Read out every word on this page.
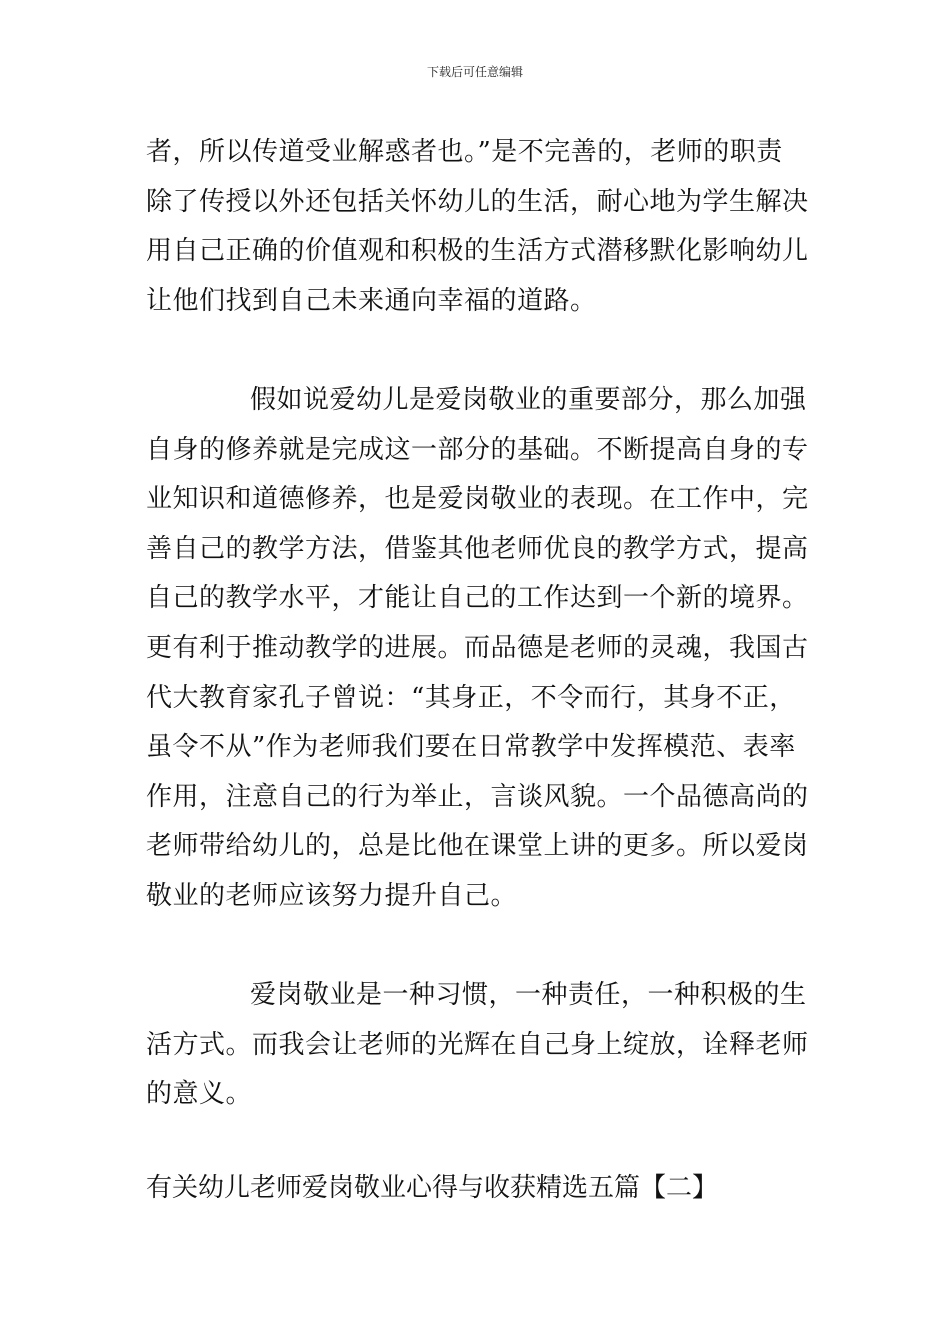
下载后可任意编辑
者，所以传道受业解惑者也。”是不完善的，老师的职责
除了传授以外还包括关怀幼儿的生活，耐心地为学生解决
用自己正确的价值观和积极的生活方式潜移默化影响幼儿
让他们找到自己未来通向幸福的道路。
假如说爱幼儿是爱岗敬业的重要部分，那么加强
自身的修养就是完成这一部分的基础。不断提高自身的专
业知识和道德修养，也是爱岗敬业的表现。在工作中，完
善自己的教学方法，借鉴其他老师优良的教学方式，提高
自己的教学水平，才能让自己的工作达到一个新的境界。
更有利于推动教学的进展。而品德是老师的灵魂，我国古
代大教育家孔子曾说：“其身正，不令而行，其身不正，
虽令不从”作为老师我们要在日常教学中发挥模范、表率
作用，注意自己的行为举止，言谈风貌。一个品德高尚的
老师带给幼儿的，总是比他在课堂上讲的更多。所以爱岗
敬业的老师应该努力提升自己。
爱岗敬业是一种习惯，一种责任，一种积极的生
活方式。而我会让老师的光辉在自己身上绽放，诠释老师
的意义。
有关幼儿老师爱岗敬业心得与收获精选五篇【二】
